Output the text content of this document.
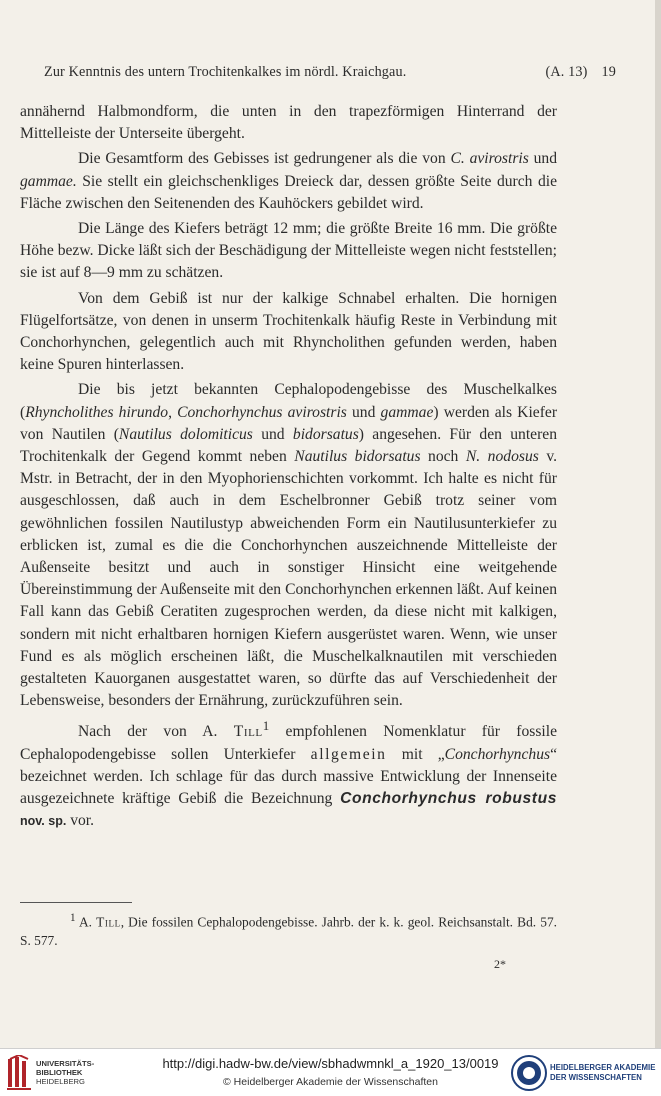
Zur Kenntnis des untern Trochitenkalkes im nördl. Kraichgau.	(A. 13) 19

annähernd Halbmondform, die unten in den trapezförmigen Hinterrand der Mittelleiste der Unterseite übergeht.

Die Gesamtform des Gebisses ist gedrungener als die von C. avirostris und gammae. Sie stellt ein gleichschenkliges Dreieck dar, dessen größte Seite durch die Fläche zwischen den Seitenenden des Kauhöckers gebildet wird.

Die Länge des Kiefers beträgt 12 mm; die größte Breite 16 mm. Die größte Höhe bezw. Dicke läßt sich der Beschädigung der Mittelleiste wegen nicht feststellen; sie ist auf 8—9 mm zu schätzen.

Von dem Gebiß ist nur der kalkige Schnabel erhalten. Die hornigen Flügelfortsätze, von denen in unserm Trochitenkalk häufig Reste in Verbindung mit Conchorhynchen, gelegentlich auch mit Rhyncholithen gefunden werden, haben keine Spuren hinterlassen.

Die bis jetzt bekannten Cephalopodengebisse des Muschelkalkes (Rhyncholithes hirundo, Conchorhynchus avirostris und gammae) werden als Kiefer von Nautilen (Nautilus dolomiticus und bidorsatus) angesehen. Für den unteren Trochitenkalk der Gegend kommt neben Nautilus bidorsatus noch N. nodosus v. Mstr. in Betracht, der in den Myophorienschichten vorkommt. Ich halte es nicht für ausgeschlossen, daß auch in dem Eschelbronner Gebiß trotz seiner vom gewöhnlichen fossilen Nautilustyp abweichenden Form ein Nautilusunterkiefer zu erblicken ist, zumal es die die Conchorhynchen auszeichnende Mittelleiste der Außenseite besitzt und auch in sonstiger Hinsicht eine weitgehende Übereinstimmung der Außenseite mit den Conchorhynchen erkennen läßt. Auf keinen Fall kann das Gebiß Ceratiten zugesprochen werden, da diese nicht mit kalkigen, sondern mit nicht erhaltbaren hornigen Kiefern ausgerüstet waren. Wenn, wie unser Fund es als möglich erscheinen läßt, die Muschelkalknautilen mit verschieden gestalteten Kauorganen ausgestattet waren, so dürfte das auf Verschiedenheit der Lebensweise, besonders der Ernährung, zurückzuführen sein.

Nach der von A. Till$^1$ empfohlenen Nomenklatur für fossile Cephalopodengebisse sollen Unterkiefer allgemein mit „Conchorhynchus“ bezeichnet werden. Ich schlage für das durch massive Entwicklung der Innenseite ausgezeichnete kräftige Gebiß die Bezeichnung Conchorhynchus robustus nov. sp. vor.

$^1$ A. Till, Die fossilen Cephalopodengebisse. Jahrb. der k. k. geol. Reichsanstalt. Bd. 57. S. 577.
2*
UNIVERSITÄTS-
BIBLIOTHEK
HEIDELBERG
http://digi.hadw-bw.de/view/sbhadwmnkl_a_1920_13/0019
© Heidelberger Akademie der Wissenschaften
HEIDELBERGER AKADEMIE
DER WISSENSCHAFTEN
